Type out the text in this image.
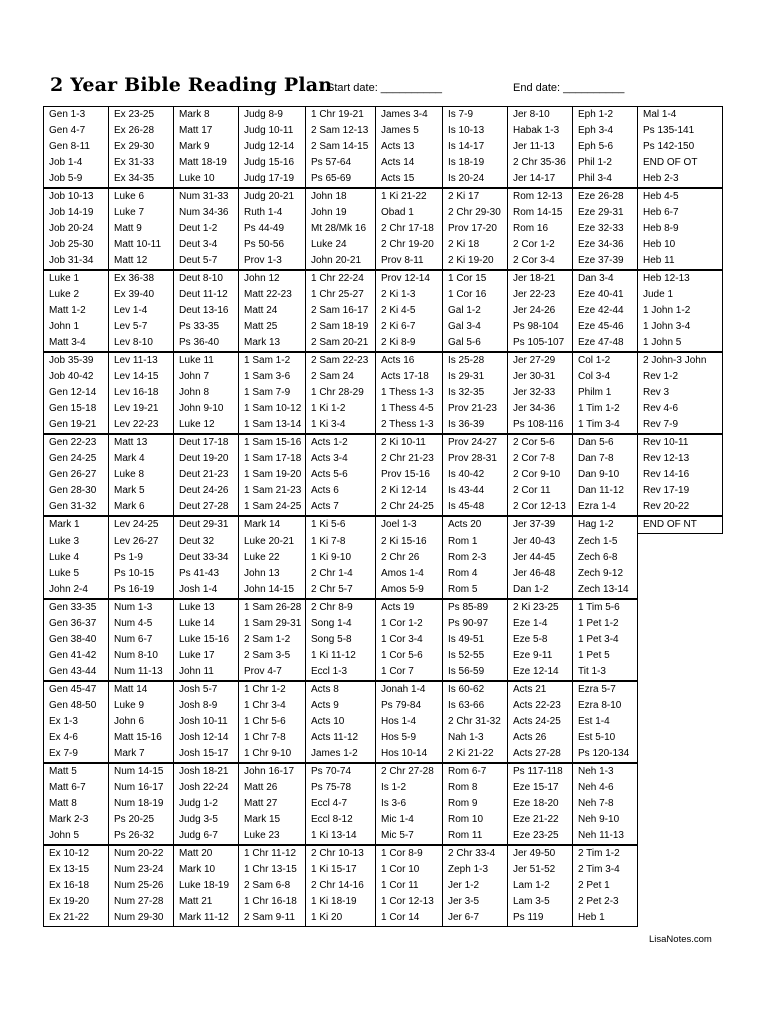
2 Year Bible Reading Plan
Start date: __________	End date: __________
Gen 1-3	Ex 23-25	Mark 8	Judg 8-9	1 Chr 19-21	James 3-4	Is 7-9	Jer 8-10	Eph 1-2	Mal 1-4
Gen 4-7	Ex 26-28	Matt 17	Judg 10-11	2 Sam 12-13	James 5	Is 10-13	Habak 1-3	Eph 3-4	Ps 135-141
Gen 8-11	Ex 29-30	Mark 9	Judg 12-14	2 Sam 14-15	Acts 13	Is 14-17	Jer 11-13	Eph 5-6	Ps 142-150
Job 1-4	Ex 31-33	Matt 18-19	Judg 15-16	Ps 57-64	Acts 14	Is 18-19	2 Chr 35-36	Phil 1-2	END OF OT
Job 5-9	Ex 34-35	Luke 10	Judg 17-19	Ps 65-69	Acts 15	Is 20-24	Jer 14-17	Phil 3-4	Heb 2-3
Job 10-13	Luke 6	Num 31-33	Judg 20-21	John 18	1 Ki 21-22	2 Ki 17	Rom 12-13	Eze 26-28	Heb 4-5
Job 14-19	Luke 7	Num 34-36	Ruth 1-4	John 19	Obad 1	2 Chr 29-30	Rom 14-15	Eze 29-31	Heb 6-7
Job 20-24	Matt 9	Deut 1-2	Ps 44-49	Mt 28/Mk 16	2 Chr 17-18	Prov 17-20	Rom 16	Eze 32-33	Heb 8-9
Job 25-30	Matt 10-11	Deut 3-4	Ps 50-56	Luke 24	2 Chr 19-20	2 Ki 18	2 Cor 1-2	Eze 34-36	Heb 10
Job 31-34	Matt 12	Deut 5-7	Prov 1-3	John 20-21	Prov 8-11	2 Ki 19-20	2 Cor 3-4	Eze 37-39	Heb 11
Luke 1	Ex 36-38	Deut 8-10	John 12	1 Chr 22-24	Prov 12-14	1 Cor 15	Jer 18-21	Dan 3-4	Heb 12-13
Luke 2	Ex 39-40	Deut 11-12	Matt 22-23	1 Chr 25-27	2 Ki 1-3	1 Cor 16	Jer 22-23	Eze 40-41	Jude 1
Matt 1-2	Lev 1-4	Deut 13-16	Matt 24	2 Sam 16-17	2 Ki 4-5	Gal 1-2	Jer 24-26	Eze 42-44	1 John 1-2
John 1	Lev 5-7	Ps 33-35	Matt 25	2 Sam 18-19	2 Ki 6-7	Gal 3-4	Ps 98-104	Eze 45-46	1 John 3-4
Matt 3-4	Lev 8-10	Ps 36-40	Mark 13	2 Sam 20-21	2 Ki 8-9	Gal 5-6	Ps 105-107	Eze 47-48	1 John 5
Job 35-39	Lev 11-13	Luke 11	1 Sam 1-2	2 Sam 22-23	Acts 16	Is 25-28	Jer 27-29	Col 1-2	2 John-3 John
Job 40-42	Lev 14-15	John 7	1 Sam 3-6	2 Sam 24	Acts 17-18	Is 29-31	Jer 30-31	Col 3-4	Rev 1-2
Gen 12-14	Lev 16-18	John 8	1 Sam 7-9	1 Chr 28-29	1 Thess 1-3	Is 32-35	Jer 32-33	Philm 1	Rev 3
Gen 15-18	Lev 19-21	John 9-10	1 Sam 10-12	1 Ki 1-2	1 Thess 4-5	Prov 21-23	Jer 34-36	1 Tim 1-2	Rev 4-6
Gen 19-21	Lev 22-23	Luke 12	1 Sam 13-14	1 Ki 3-4	2 Thess 1-3	Is 36-39	Ps 108-116	1 Tim 3-4	Rev 7-9
Gen 22-23	Matt 13	Deut 17-18	1 Sam 15-16	Acts 1-2	2 Ki 10-11	Prov 24-27	2 Cor 5-6	Dan 5-6	Rev 10-11
Gen 24-25	Mark 4	Deut 19-20	1 Sam 17-18	Acts 3-4	2 Chr 21-23	Prov 28-31	2 Cor 7-8	Dan 7-8	Rev 12-13
Gen 26-27	Luke 8	Deut 21-23	1 Sam 19-20	Acts 5-6	Prov 15-16	Is 40-42	2 Cor 9-10	Dan 9-10	Rev 14-16
Gen 28-30	Mark 5	Deut 24-26	1 Sam 21-23	Acts 6	2 Ki 12-14	Is 43-44	2 Cor 11	Dan 11-12	Rev 17-19
Gen 31-32	Mark 6	Deut 27-28	1 Sam 24-25	Acts 7	2 Chr 24-25	Is 45-48	2 Cor 12-13	Ezra 1-4	Rev 20-22
Mark 1	Lev 24-25	Deut 29-31	Mark 14	1 Ki 5-6	Joel 1-3	Acts 20	Jer 37-39	Hag 1-2	END OF NT
Luke 3	Lev 26-27	Deut 32	Luke 20-21	1 Ki 7-8	2 Ki 15-16	Rom 1	Jer 40-43	Zech 1-5	
Luke 4	Ps 1-9	Deut 33-34	Luke 22	1 Ki 9-10	2 Chr 26	Rom 2-3	Jer 44-45	Zech 6-8	
Luke 5	Ps 10-15	Ps 41-43	John 13	2 Chr 1-4	Amos 1-4	Rom 4	Jer 46-48	Zech 9-12	
John 2-4	Ps 16-19	Josh 1-4	John 14-15	2 Chr 5-7	Amos 5-9	Rom 5	Dan 1-2	Zech 13-14	
Gen 33-35	Num 1-3	Luke 13	1 Sam 26-28	2 Chr 8-9	Acts 19	Ps 85-89	2 Ki 23-25	1 Tim 5-6	
Gen 36-37	Num 4-5	Luke 14	1 Sam 29-31	Song 1-4	1 Cor 1-2	Ps 90-97	Eze 1-4	1 Pet 1-2	
Gen 38-40	Num 6-7	Luke 15-16	2 Sam 1-2	Song 5-8	1 Cor 3-4	Is 49-51	Eze 5-8	1 Pet 3-4	
Gen 41-42	Num 8-10	Luke 17	2 Sam 3-5	1 Ki 11-12	1 Cor 5-6	Is 52-55	Eze 9-11	1 Pet 5	
Gen 43-44	Num 11-13	John 11	Prov 4-7	Eccl 1-3	1 Cor 7	Is 56-59	Eze 12-14	Tit 1-3	
Gen 45-47	Matt 14	Josh 5-7	1 Chr 1-2	Acts 8	Jonah 1-4	Is 60-62	Acts 21	Ezra 5-7	
Gen 48-50	Luke 9	Josh 8-9	1 Chr 3-4	Acts 9	Ps 79-84	Is 63-66	Acts 22-23	Ezra 8-10	
Ex 1-3	John 6	Josh 10-11	1 Chr 5-6	Acts 10	Hos 1-4	2 Chr 31-32	Acts 24-25	Est 1-4	
Ex 4-6	Matt 15-16	Josh 12-14	1 Chr 7-8	Acts 11-12	Hos 5-9	Nah 1-3	Acts 26	Est 5-10	
Ex 7-9	Mark 7	Josh 15-17	1 Chr 9-10	James 1-2	Hos 10-14	2 Ki 21-22	Acts 27-28	Ps 120-134	
Matt 5	Num 14-15	Josh 18-21	John 16-17	Ps 70-74	2 Chr 27-28	Rom 6-7	Ps 117-118	Neh 1-3	
Matt 6-7	Num 16-17	Josh 22-24	Matt 26	Ps 75-78	Is 1-2	Rom 8	Eze 15-17	Neh 4-6	
Matt 8	Num 18-19	Judg 1-2	Matt 27	Eccl 4-7	Is 3-6	Rom 9	Eze 18-20	Neh 7-8	
Mark 2-3	Ps 20-25	Judg 3-5	Mark 15	Eccl 8-12	Mic 1-4	Rom 10	Eze 21-22	Neh 9-10	
John 5	Ps 26-32	Judg 6-7	Luke 23	1 Ki 13-14	Mic 5-7	Rom 11	Eze 23-25	Neh 11-13	
Ex 10-12	Num 20-22	Matt 20	1 Chr 11-12	2 Chr 10-13	1 Cor 8-9	2 Chr 33-4	Jer 49-50	2 Tim 1-2	
Ex 13-15	Num 23-24	Mark 10	1 Chr 13-15	1 Ki 15-17	1 Cor 10	Zeph 1-3	Jer 51-52	2 Tim 3-4	
Ex 16-18	Num 25-26	Luke 18-19	2 Sam 6-8	2 Chr 14-16	1 Cor 11	Jer 1-2	Lam 1-2	2 Pet 1	
Ex 19-20	Num 27-28	Matt 21	1 Chr 16-18	1 Ki 18-19	1 Cor 12-13	Jer 3-5	Lam 3-5	2 Pet 2-3	
Ex 21-22	Num 29-30	Mark 11-12	2 Sam 9-11	1 Ki 20	1 Cor 14	Jer 6-7	Ps 119	Heb 1	
LisaNotes.com
